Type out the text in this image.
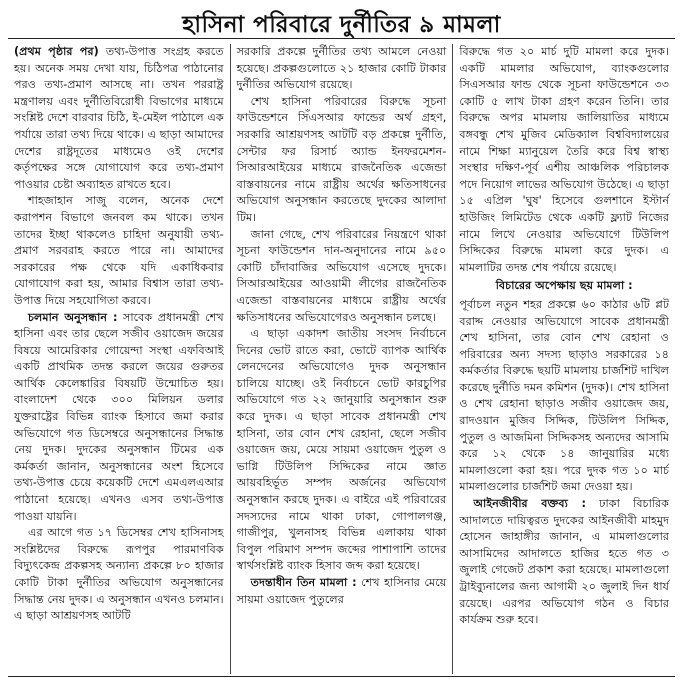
হাসিনা পরিবারে দুর্নীতির ৯ মামলা

(প্রথম পৃষ্ঠার পর) তথ্য-উপাত্ত সংগ্রহ করতে হয়। অনেক সময় দেখা যায়, চিঠিপত্র পাঠানোর পরও তথ্য-প্রমাণ আসছে না। তখন পররাষ্ট্র মন্ত্রণালয় এবং দুর্নীতিবিরোধী বিভাগের মাধ্যমে সংশ্লিষ্ট দেশে বারবার চিঠি, ই-মেইল পাঠালে এক পর্যায়ে তারা তথ্য দিয়ে থাকে। এ ছাড়া আমাদের দেশের রাষ্ট্রদূতের মাধ্যমেও ওই দেশের কর্তৃপক্ষের সঙ্গে যোগাযোগ করে তথ্য-প্রমাণ পাওয়ার চেষ্টা অব্যাহত রাখতে হবে।

শাহজাহান সাজু বলেন, অনেক দেশে করাপশন বিভাগে জনবল কম থাকে। তখন তাদের ইচ্ছা থাকলেও চাহিদা অনুযায়ী তথ্য-প্রমাণ সরবরাহ করতে পারে না। আমাদের সরকারের পক্ষ থেকে যদি একাধিকবার যোগাযোগ করা হয়, আমার বিশ্বাস তারা তথ্য-উপাত্ত দিয়ে সহযোগিতা করবে।

চলমান অনুসন্ধান : সাবেক প্রধানমন্ত্রী শেখ হাসিনা এবং তার ছেলে সজীব ওয়াজেদ জয়ের বিষয়ে আমেরিকার গোয়েন্দা সংস্থা এফবিআই একটি প্রাথমিক তদন্ত করলে জয়ের গুরুতর আর্থিক কেলেঙ্কারির বিষয়টি উন্মোচিত হয়। বাংলাদেশ থেকে ৩০০ মিলিয়ন ডলার যুক্তরাষ্ট্রের বিভিন্ন ব্যাংক হিসাবে জমা করার অভিযোগে গত ডিসেম্বরে অনুসন্ধানের সিদ্ধান্ত নেয় দুদক। দুদকের অনুসন্ধান টিমের এক কর্মকর্তা জানান, অনুসন্ধানের অংশ হিসেবে তথ্য-উপাত্ত চেয়ে কয়েকটি দেশে এমএলএআর পাঠানো হয়েছে। এখনও এসব তথ্য-উপাত্ত পাওয়া যায়নি।

এর আগে গত ১৭ ডিসেম্বর শেখ হাসিনাসহ সংশ্লিষ্টদের বিরুদ্ধে রূপপুর পারমাণবিক বিদ্যুৎকেন্দ্র প্রকল্পসহ অন্যান্য প্রকল্পে ৮০ হাজার কোটি টাকা দুর্নীতির অভিযোগ অনুসন্ধানের সিদ্ধান্ত নেয় দুদক। এ অনুসন্ধান এখনও চলমান। এ ছাড়া আশ্রয়ণসহ আটটি

সরকারি প্রকল্পে দুর্নীতির তথ্য আমলে নেওয়া হয়েছে। প্রকল্পগুলোতে ২১ হাজার কোটি টাকার দুর্নীতির অভিযোগ রয়েছে।

শেখ হাসিনা পরিবারের বিরুদ্ধে সূচনা ফাউন্ডেশনে সিঁএসআর ফান্ডের অর্থ গ্রহণ, সরকারি আশ্রয়ণসহ আটটি বড় প্রকল্পে দুর্নীতি, সেন্টার ফর রিসার্চ অ্যান্ড ইনফরমেশন- সিআরআইয়ের মাধ্যমে রাজনৈতিক এজেন্ডা বাস্তবায়নের নামে রাষ্ট্রীয় অর্থের ক্ষতিসাধনের অভিযোগ অনুসন্ধান করতেছে দুদকের আলাদা টিম।

জানা গেছে, শেখ পরিবারের নিয়ন্ত্রণে থাকা সূচনা ফাউন্ডেশন দান-অনুদানের নামে ৯৫০ কোটি চাঁদাবাজির অভিযোগ এসেছে দুদকে। সিআরআইয়ের আওয়ামী লীগের রাজনৈতিক এজেন্ডা বাস্তবায়নের মাধ্যমে রাষ্ট্রীয় অর্থের ক্ষতিসাধনের অভিযোগেরও অনুসন্ধান চলছে।

এ ছাড়া একাদশ জাতীয় সংসদ নির্বাচনে দিনের ভোট রাতে করা, ভোটে ব্যাপক আর্থিক লেনদেনের অভিযোগেও দুদক অনুসন্ধান চালিয়ে যাচ্ছে। ওই নির্বাচনে ভোট কারচুপির অভিযোগে গত ২২ জানুয়ারি অনুসন্ধান শুরু করে দুদক। এ ছাড়া সাবেক প্রধানমন্ত্রী শেখ হাসিনা, তার বোন শেখ রেহানা, ছেলে সজীব ওয়াজেদ জয়, মেয়ে সায়মা ওয়াজেদ পুতুল ও ভাগ্নি টিউলিপ সিদ্দিকের নামে জ্ঞাত আয়বহির্ভূত সম্পদ অর্জনের অভিযোগ অনুসন্ধান করছে দুদক। এ বাইরে এই পরিবারের সদস্যদের নামে থাকা ঢাকা, গোপালগঞ্জ, গাজীপুর, খুলনাসহ বিভিন্ন এলাকায় থাকা বিপুল পরিমাণ সম্পদ জব্দের পাশাপাশি তাদের স্বার্থসংশ্লিষ্ট ব্যাংক হিসাব জব্দ করা হয়েছে।

তদন্তাধীন তিন মামলা : শেখ হাসিনার মেয়ে সায়মা ওয়াজেদ পুতুলের

বিরুদ্ধে গত ২০ মার্চ দুটি মামলা করে দুদক। একটি মামলার অভিযোগ, ব্যাংকগুলোর সিএসআর ফান্ড থেকে সূচনা ফাউন্ডেশনে ৩৩ কোটি ৫ লাখ টাকা গ্রহণ করেন তিনি। তার বিরুদ্ধে অপর মামলায় জালিয়াতির মাধ্যমে বঙ্গবন্ধু শেখ মুজিব মেডিক্যাল বিশ্ববিদ্যালয়ের নামে শিক্ষা ম্যানুয়েল তৈরি করে বিশ্ব স্বাস্থ্য সংস্থার দক্ষিণ-পূর্ব এশীয় আঞ্চলিক পরিচালক পদে নিয়োগ লাভের অভিযোগ উঠেছে। এ ছাড়া ১৫ এপ্রিল 'ঘুষ' হিসেবে গুলশানে ইস্টার্ন হাউজিং লিমিটেড থেকে একটি ফ্ল্যাট নিজের নামে লিখে নেওয়ার অভিযোগে টিউলিপ সিদ্দিকের বিরুদ্ধে মামলা করে দুদক। এ মামলাটির তদন্ত শেষ পর্যায়ে রয়েছে।

বিচারের অপেক্ষায় ছয় মামলা :

পূর্বাচল নতুন শহর প্রকল্পে ৬০ কাঠার ৬টি প্লট বরাদ্দ নেওয়ার অভিযোগে সাবেক প্রধানমন্ত্রী শেখ হাসিনা, তার বোন শেখ রেহানা ও পরিবারের অন্য সদস্য ছাড়াও সরকারের ১৪ কর্মকর্তার বিরুদ্ধে ছয়টি মামলায় চার্জশিট দাখিল করেছে দুর্নীতি দমন কমিশন (দুদক)। শেখ হাসিনা ও শেখ রেহানা ছাড়াও সজীব ওয়াজেদ জয়, রাদওয়ান মুজিব সিদ্দিক, টিউলিপ সিদ্দিক, পুতুল ও আজমিনা সিদ্দিকসহ অন্যদের আসামি করে ১২ থেকে ১৪ জানুয়ারির মধ্যে মামলাগুলো করা হয়। পরে দুদক গত ১০ মার্চ মামলাগুলোর চার্জশিট জমা দেওয়া হয়।

আইনজীবীর বক্তব্য : ঢাকা বিচারিক আদালতে দায়িত্বরত দুদকের আইনজীবী মাহমুদ হোসেন জাহাঙ্গীর জানান, এ মামলাগুলোর আসামিদের আদালতে হাজির হতে গত ৩ জুলাই গেজেট প্রকাশ করা হয়েছে। মামলাগুলো ট্রাইব্যুনালের জন্য আগামী ২০ জুলাই দিন ধার্য রয়েছে। এরপর অভিযোগ গঠন ও বিচার কার্যক্রম শুরু হবে।
